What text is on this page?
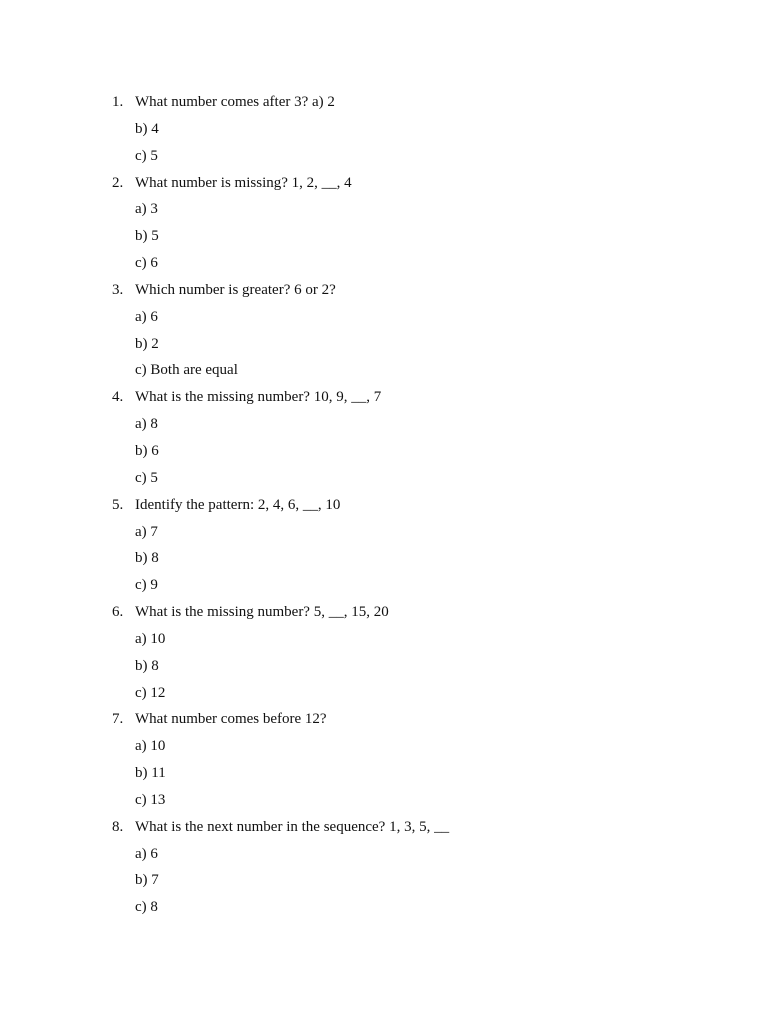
1. What number comes after 3? a) 2
b) 4
c) 5
2. What number is missing? 1, 2, __, 4
a) 3
b) 5
c) 6
3. Which number is greater? 6 or 2?
a) 6
b) 2
c) Both are equal
4. What is the missing number? 10, 9, __, 7
a) 8
b) 6
c) 5
5. Identify the pattern: 2, 4, 6, __, 10
a) 7
b) 8
c) 9
6. What is the missing number? 5, __, 15, 20
a) 10
b) 8
c) 12
7. What number comes before 12?
a) 10
b) 11
c) 13
8. What is the next number in the sequence? 1, 3, 5, __
a) 6
b) 7
c) 8
